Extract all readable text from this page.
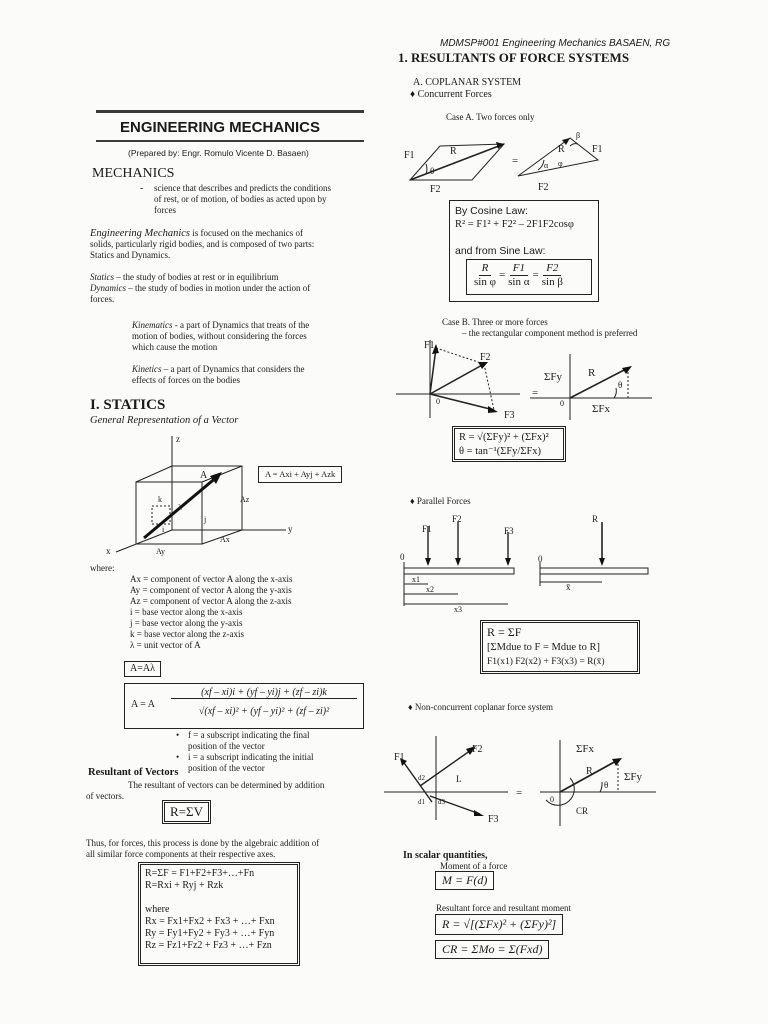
MDMSP#001 Engineering Mechanics BASAEN, RG
1. RESULTANTS OF FORCE SYSTEMS
ENGINEERING MECHANICS
(Prepared by: Engr. Romulo Vicente D. Basaen)
MECHANICS
- science that describes and predicts the conditions
of rest, or of motion, of bodies as acted upon by
forces
Engineering Mechanics is focused on the mechanics of
solids, particularly rigid bodies, and is composed of two parts:
Statics and Dynamics.
Statics – the study of bodies at rest or in equilibrium
Dynamics – the study of bodies in motion under the action of
forces.
Kinematics - a part of Dynamics that treats of the
motion of bodies, without considering the forces
which cause the motion
Kinetics – a part of Dynamics that considers the
effects of forces on the bodies
I. STATICS
General Representation of a Vector
z
y
x
A
Az
Ay
Ax
k
i
j
λ
A = Axi + Ayj + Azk
where:
Ax = component of vector A along the x-axis
Ay = component of vector A along the y-axis
Az = component of vector A along the z-axis
i = base vector along the x-axis
j = base vector along the y-axis
k = base vector along the z-axis
λ = unit vector of A
A=Aλ
A = A
(xf – xi)i + (yf – yi)j + (zf – zi)k
√(xf – xi)² + (yf – yi)² + (zf – zi)²
• f = a subscript indicating the final
position of the vector
• i = a subscript indicating the initial
position of the vector
Resultant of Vectors
The resultant of vectors can be determined by addition
of vectors.
R=ΣV
Thus, for forces, this process is done by the algebraic addition of
all similar force components at their respective axes.
R=ΣF = F1+F2+F3+…+Fn
R=Rxi + Ryj + Rzk
where
Rx = Fx1+Fx2 + Fx3 + …+ Fxn
Ry = Fy1+Fy2 + Fy3 + …+ Fyn
Rz = Fz1+Fz2 + Fz3 + …+ Fzn
A. COPLANAR SYSTEM
♦ Concurrent Forces
Case A. Two forces only
F1	R
θ
F2
=
R
β
α φ
F1
F2
By Cosine Law:
R² = F1² + F2² – 2F1F2cosφ
and from Sine Law:
$\frac{R}{\text{sin φ}} = \frac{F1}{\text{sin α}} = \frac{F2}{\text{sin β}}$
Case B. Three or more forces
– the rectangular component method is preferred
F1
F2
F3
0
=
ΣFy R
θ
ΣFx
0
R = √(ΣFy)² + (ΣFx)²
θ = tan⁻¹(ΣFy/ΣFx)
♦ Parallel Forces
F1
F2
F3
R
0	0
x1
x2
x3
x̄
R = ΣF
[ΣMdue to F = Mdue to R]
F1(x1) F2(x2) + F3(x3) = R(x̄)
♦ Non-concurrent coplanar force system
F1
F2
F3
d1
d2
d3
L
=
0
ΣFx
ΣFy
R
θ
CR
In scalar quantities,
Moment of a force
M = F(d)
Resultant force and resultant moment
R = √[(ΣFx)² + (ΣFy)²]
CR = ΣMo = Σ(Fxd)
